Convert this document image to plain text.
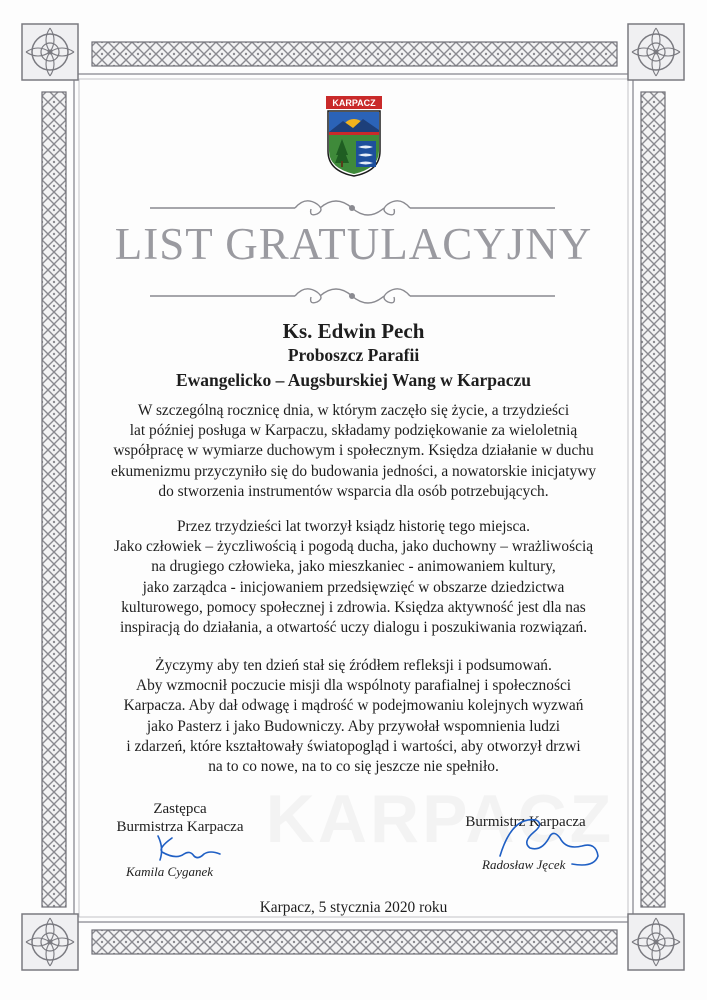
KARPACZ
LIST GRATULACYJNY
Ks. Edwin Pech
Proboszcz Parafii
Ewangelicko – Augsburskiej Wang w Karpaczu

W szczególną rocznicę dnia, w którym zaczęło się życie, a trzydzieści

lat później posługa w Karpaczu, składamy podziękowanie za wieloletnią

współpracę w wymiarze duchowym i społecznym. Księdza działanie w duchu

ekumenizmu przyczyniło się do budowania jedności, a nowatorskie inicjatywy

do stworzenia instrumentów wsparcia dla osób potrzebujących.

Przez trzydzieści lat tworzył ksiądz historię tego miejsca.

Jako człowiek – życzliwością i pogodą ducha, jako duchowny – wrażliwością

na drugiego człowieka, jako mieszkaniec - animowaniem kultury,

jako zarządca - inicjowaniem przedsięwzięć w obszarze dziedzictwa

kulturowego, pomocy społecznej i zdrowia. Księdza aktywność jest dla nas

inspiracją do działania, a otwartość uczy dialogu i poszukiwania rozwiązań.

Życzymy aby ten dzień stał się źródłem refleksji i podsumowań.

Aby wzmocnił poczucie misji dla wspólnoty parafialnej i społeczności

Karpacza. Aby dał odwagę i mądrość w podejmowaniu kolejnych wyzwań

jako Pasterz i jako Budowniczy. Aby przywołał wspomnienia ludzi

i zdarzeń, które kształtowały światopogląd i wartości, aby otworzył drzwi

na to co nowe, na to co się jeszcze nie spełniło.

Zastępca
Burmistrza Karpacza
Kamila Cyganek
Burmistrz Karpacza
Radosław Jęcek
Karpacz, 5 stycznia 2020 roku
